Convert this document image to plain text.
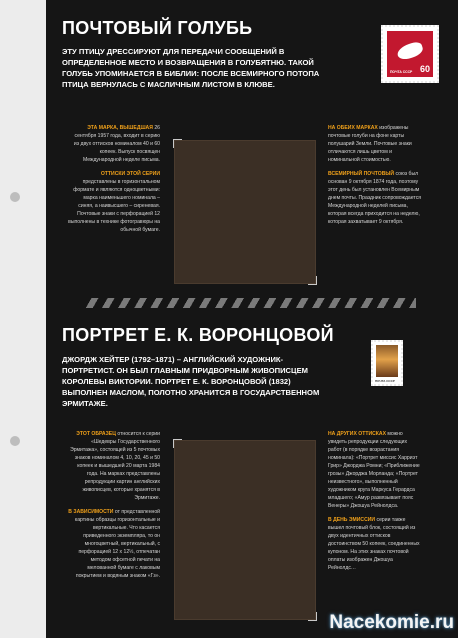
ПОЧТОВЫЙ ГОЛУБЬ
60
ПОЧТА СССР

ЭТУ ПТИЦУ ДРЕССИРУЮТ ДЛЯ ПЕРЕДАЧИ СООБЩЕНИЙ В ОПРЕДЕЛЕННОЕ МЕСТО И ВОЗВРАЩЕНИЯ В ГОЛУБЯТНЮ. ТАКОЙ ГОЛУБЬ УПОМИНАЕТСЯ В БИБЛИИ: ПОСЛЕ ВСЕМИРНОГО ПОТОПА ПТИЦА ВЕРНУЛАСЬ С МАСЛИЧНЫМ ЛИСТОМ В КЛЮВЕ.

ЭТА МАРКА, ВЫШЕДШАЯ 26 сентября 1957 года, входит в серию из двух оттисков номиналом 40 и 60 копеек. Выпуск посвящен Международной неделе письма.

ОТТИСКИ ЭТОЙ СЕРИИ представлены в горизонтальном формате и являются одноцветными: марка наименьшего номинала – синяя, а наивысшего – сиреневая. Почтовые знаки с перфорацией 12 выполнены в технике фотогравюры на обычной бумаге.

НА ОБЕИХ МАРКАХ изображены почтовые голуби на фоне карты полушарий Земли. Почтовые знаки отличаются лишь цветом и номинальной стоимостью.

ВСЕМИРНЫЙ ПОЧТОВЫЙ союз был основан 9 октября 1874 года, поэтому этот день был установлен Всемирным днем почты. Праздник сопровождается Международной неделей письма, которая всегда приходится на неделю, которая захватывает 9 октября.

ПОРТРЕТ Е. К. ВОРОНЦОВОЙ
ПОЧТА СССР

ДЖОРДЖ ХЕЙТЕР (1792–1871) – АНГЛИЙСКИЙ ХУДОЖНИК-ПОРТРЕТИСТ. ОН БЫЛ ГЛАВНЫМ ПРИДВОРНЫМ ЖИВОПИСЦЕМ КОРОЛЕВЫ ВИКТОРИИ. ПОРТРЕТ Е. К. ВОРОНЦОВОЙ (1832) ВЫПОЛНЕН МАСЛОМ, ПОЛОТНО ХРАНИТСЯ В ГОСУДАРСТВЕННОМ ЭРМИТАЖЕ.

ЭТОТ ОБРАЗЕЦ относится к серии «Шедевры Государственного Эрмитажа», состоящей из 5 почтовых знаков номиналом 4, 10, 20, 45 и 50 копеек и вышедшей 20 марта 1984 года. На марках представлены репродукции картин английских живописцев, которые хранятся в Эрмитаже.

В ЗАВИСИМОСТИ от представленной картины образцы горизонтальные и вертикальные. Что касается приведенного экземпляра, то он многоцветный, вертикальный, с перфорацией 12 x 12½, отпечатан методом офсетной печати на мелованной бумаге с лаковым покрытием и водяным знаком «Гз».

НА ДРУГИХ ОТТИСКАХ можно увидеть репродукции следующих работ (в порядке возрастания номинала): «Портрет миссис Харриэт Грир» Джорджа Ромни; «Приближение грозы» Джорджа Морланда; «Портрет неизвестного», выполненный художником круга Маркуса Герардса младшего; «Амур развязывает пояс Венеры» Джошуа Рейнолдса.

В ДЕНЬ ЭМИССИИ серии также вышел почтовый блок, состоящий из двух идентичных оттисков достоинством 50 копеек, соединенных купоном. На этих знаках почтовой оплаты изображен Джошуа Рейнолдс…

Nacekomie.ru
